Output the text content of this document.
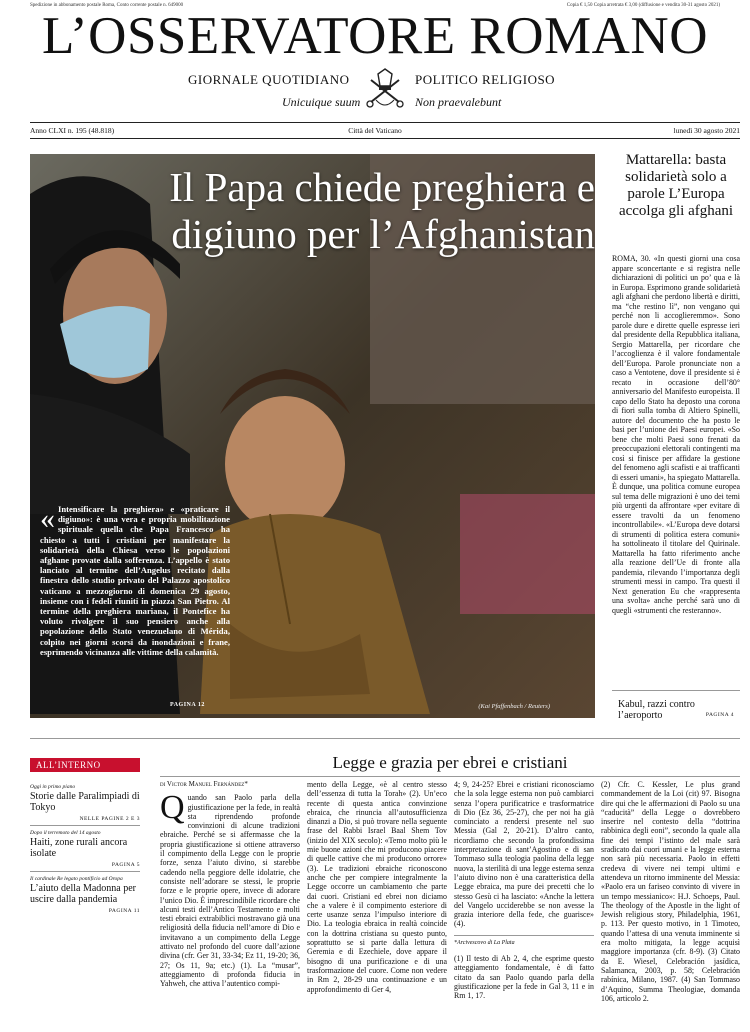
Spedizione in abbonamento postale Roma, Conto corrente postale n. 649000	Copia € 1,50 Copia arretrata € 3,00 (diffusione e vendita 30-31 agosto 2021)
L’OSSERVATORE ROMANO
GIORNALE QUOTIDIANO	POLITICO RELIGIOSO
Unicuique suum	Non praevalebunt
Anno CLXI n. 195 (48.818)	Città del Vaticano	lunedì 30 agosto 2021
Il Papa chiede preghiera e digiuno per l’Afghanistan
« Intensificare la preghiera» e «praticare il digiuno»: è una vera e propria mobilitazione spirituale quella che Papa Francesco ha chiesto a tutti i cristiani per manifestare la solidarietà della Chiesa verso le popolazioni afghane provate dalla sofferenza. L’appello è stato lanciato al termine dell’Angelus recitato dalla finestra dello studio privato del Palazzo apostolico vaticano a mezzogiorno di domenica 29 agosto, insieme con i fedeli riuniti in piazza San Pietro. Al termine della preghiera mariana, il Pontefice ha voluto rivolgere il suo pensiero anche alla popolazione dello Stato venezuelano di Mérida, colpito nei giorni scorsi da inondazioni e frane, esprimendo vicinanza alle vittime della calamità.
PAGINA 12	(Kai Pfaffenbach / Reuters)
Mattarella: basta solidarietà solo a parole L’Europa accolga gli afghani
ROMA, 30. «In questi giorni una cosa appare sconcertante e si registra nelle dichiarazioni di politici un po’ qua e là in Europa. Esprimono grande solidarietà agli afghani che perdono libertà e diritti, ma “che restino lì”, non vengano qui perché non li accoglieremmo». Sono parole dure e dirette quelle espresse ieri dal presidente della Repubblica italiana, Sergio Mattarella, per ricordare che l’accoglienza è il valore fondamentale dell’Europa. Parole pronunciate non a caso a Ventotene, dove il presidente si è recato in occasione dell’80° anniversario del Manifesto europeista. Il capo dello Stato ha deposto una corona di fiori sulla tomba di Altiero Spinelli, autore del documento che ha posto le basi per l’unione dei Paesi europei. «So bene che molti Paesi sono frenati da preoccupazioni elettorali contingenti ma così si finisce per affidare la gestione del fenomeno agli scafisti e ai trafficanti di esseri umani», ha spiegato Mattarella. È dunque, una politica comune europea sul tema delle migrazioni è uno dei temi più urgenti da affrontare «per evitare di essere travolti da un fenomeno incontrollabile». «L’Europa deve dotarsi di strumenti di politica estera comuni» ha sottolineato il titolare del Quirinale. Mattarella ha fatto riferimento anche alla reazione dell’Ue di fronte alla pandemia, rilevando l’importanza degli strumenti messi in campo. Tra questi il Next generation Eu che «rappresenta una svolta» anche perché sarà uno di quegli «strumenti che resteranno».
Kabul, razzi contro l’aeroporto	PAGINA 4
Legge e grazia per ebrei e cristiani
ALL’INTERNO
Oggi in primo piano
Storie dalle Paralimpiadi di Tokyo
NELLE PAGINE 2 E 3
Dopo il terremoto del 14 agosto
Haiti, zone rurali ancora isolate
PAGINA 5
Il cardinale Re legato pontificio ad Oropa
L’aiuto della Madonna per uscire dalla pandemia
PAGINA 11
di Victor Manuel Fernández*
Q uando san Paolo parla della giustificazione per la fede, in realtà sta riprendendo profonde convinzioni di alcune tradizioni ebraiche. Perché se si affermasse che la propria giustificazione si ottiene attraverso il compimento della Legge con le proprie forze, senza l’aiuto divino, si starebbe cadendo nella peggiore delle idolatrie, che consiste nell’adorare se stessi, le proprie forze e le proprie opere, invece di adorare l’unico Dio. È imprescindibile ricordare che alcuni testi dell’Antico Testamento e molti testi ebraici extrabiblici mostravano già una religiosità della fiducia nell’amore di Dio e invitavano a un compimento della Legge attivato nel profondo del cuore dall’azione divina (cfr. Ger 31, 33-34; Ez 11, 19-20; 36, 27; Os 11, 9a; etc.) (1). La “musar”, atteggiamento di profonda fiducia in Yahweh, che attiva l’autentico compi-
mento della Legge, «è al centro stesso dell’essenza di tutta la Torah» (2). Un’eco recente di questa antica convinzione ebraica, che rinuncia all’autosufficienza dinanzi a Dio, si può trovare nella seguente frase del Rabbi Israel Baal Shem Tov (inizio del XIX secolo): «Temo molto più le mie buone azioni che mi producono piacere di quelle cattive che mi producono orrore» (3). Le tradizioni ebraiche riconoscono anche che per compiere integralmente la Legge occorre un cambiamento che parte dai cuori. Cristiani ed ebrei non diciamo che a valere è il compimento esteriore di certe usanze senza l’impulso interiore di Dio. La teologia ebraica in realtà coincide con la dottrina cristiana su questo punto, soprattutto se si parte dalla lettura di Geremia e di Ezechiele, dove appare il bisogno di una purificazione e di una trasformazione del cuore. Come non vedere in Rm 2, 28-29 una continuazione e un approfondimento di Ger 4,
4; 9, 24-25? Ebrei e cristiani riconosciamo che la sola legge esterna non può cambiarci senza l’opera purificatrice e trasformatrice di Dio (Ez 36, 25-27), che per noi ha già cominciato a rendersi presente nel suo Messia (Gal 2, 20-21). D’altro canto, ricordiamo che secondo la profondissima interpretazione di sant’Agostino e di san Tommaso sulla teologia paolina della legge nuova, la sterilità di una legge esterna senza l’aiuto divino non è una caratteristica della Legge ebraica, ma pure dei precetti che lo stesso Gesù ci ha lasciato: «Anche la lettera del Vangelo ucciderebbe se non avesse la grazia interiore della fede, che guarisce» (4).
*Arcivescovo di La Plata
(1) Il testo di Ab 2, 4, che esprime questo atteggiamento fondamentale, è di fatto citato da san Paolo quando parla della giustificazione per la fede in Gal 3, 11 e in Rm 1, 17.
(2) Cfr. C. Kessler, Le plus grand commandement de la Loi (cit) 97. Bisogna dire qui che le affermazioni di Paolo su una “caducità” della Legge o dovrebbero inserire nel contesto della “dottrina rabbinica degli eoni”, secondo la quale alla fine dei tempi l’istinto del male sarà sradicato dai cuori umani e la legge esterna non sarà più necessaria. Paolo in effetti credeva di vivere nei tempi ultimi e attendeva un ritorno imminente del Messia: «Paolo era un fariseo convinto di vivere in un tempo messianico»: H.J. Schoeps, Paul. The theology of the Apostle in the light of Jewish religious story, Philadelphia, 1961, p. 113. Per questo motivo, in 1 Timoteo, quando l’attesa di una venuta imminente si era molto mitigata, la legge acquisì maggiore importanza (cfr. 8-9). (3) Citato da E. Wiesel, Celebración jasídica, Salamanca, 2003, p. 58; Celebración rabínica, Milano, 1987. (4) San Tommaso d’Aquino, Summa Theologiae, domanda 106, articolo 2.
